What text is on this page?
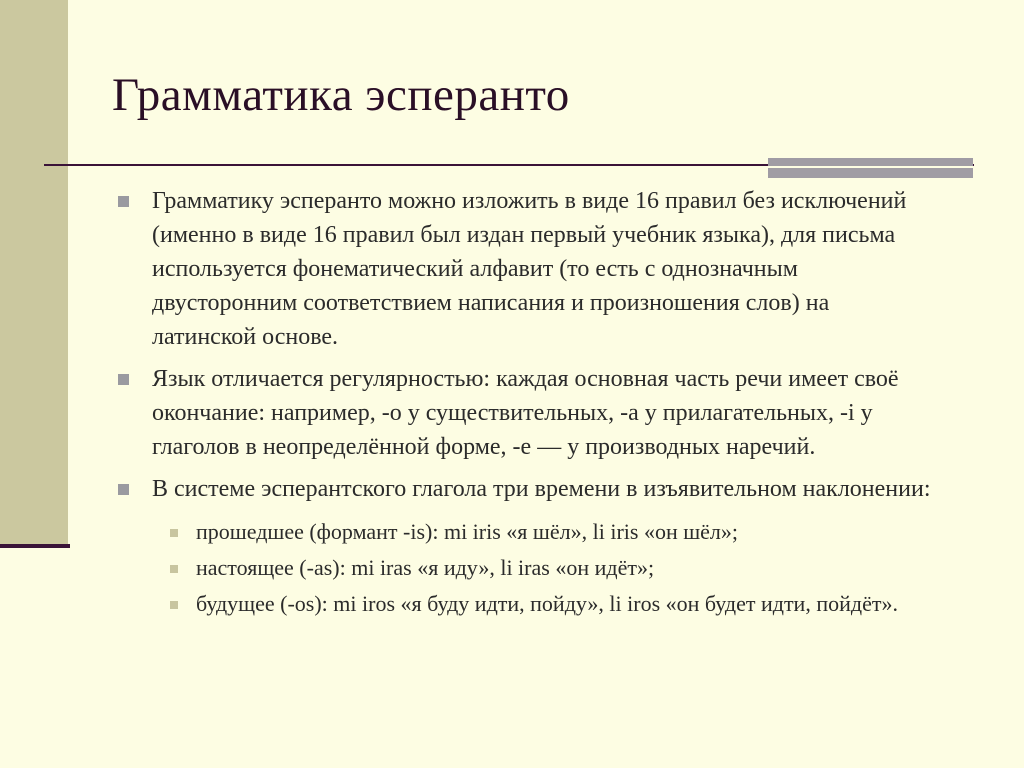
Грамматика эсперанто
Грамматику эсперанто можно изложить в виде 16 правил без исключений (именно в виде 16 правил был издан первый учебник языка), для письма используется фонематический алфавит (то есть с однозначным двусторонним соответствием написания и произношения слов) на латинской основе.
Язык отличается регулярностью: каждая основная часть речи имеет своё окончание: например, -o у существительных, -a у прилагательных, -i у глаголов в неопределённой форме, -e — у производных наречий.
В системе эсперантского глагола три времени в изъявительном наклонении:
прошедшее (формант -is): mi iris «я шёл», li iris «он шёл»;
настоящее (-as): mi iras «я иду», li iras «он идёт»;
будущее (-os): mi iros «я буду идти, пойду», li iros «он будет идти, пойдёт».
